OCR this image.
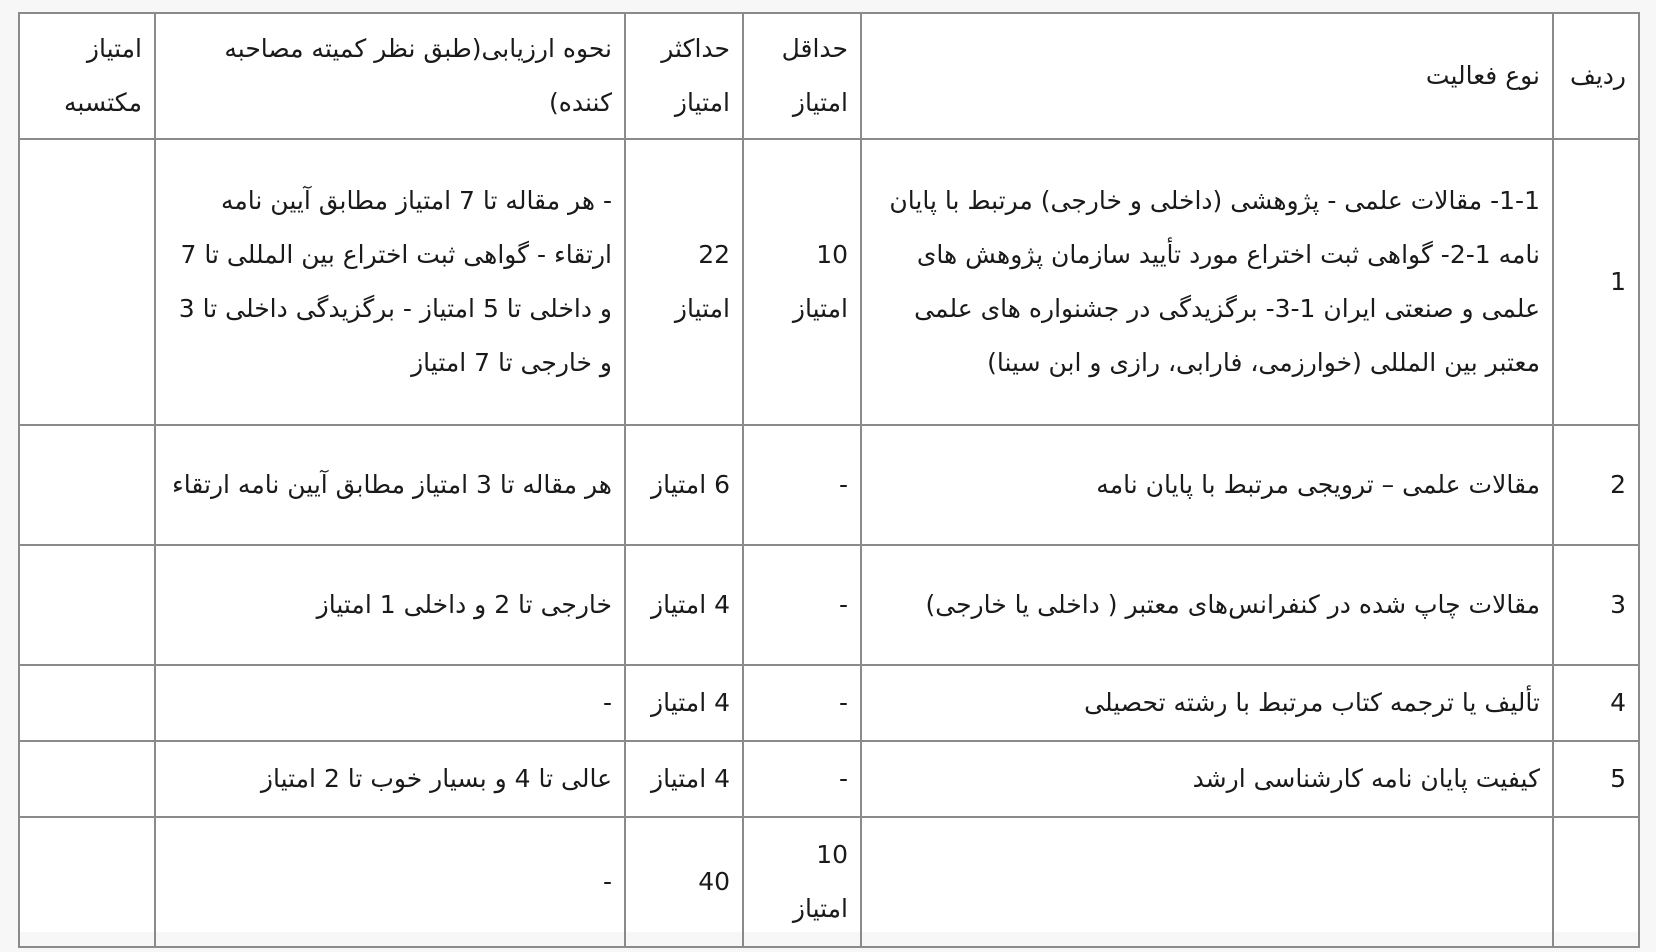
ردیف	نوع فعالیت	حداقل امتیاز	حداکثر امتیاز	نحوه ارزیابی(طبق نظر کمیته مصاحبه کننده)	امتیاز مکتسبه
1	1-1- مقالات علمی - پژوهشی (داخلی و خارجی) مرتبط با پایان نامه 1-2- گواهی ثبت اختراع مورد تأیید سازمان پژوهش های علمی و صنعتی ایران 1-3- برگزیدگی در جشنواره های علمی معتبر بین المللی (خوارزمی، فارابی، رازی و ابن سینا)	10 امتیاز	22 امتیاز	- هر مقاله تا 7 امتیاز مطابق آیین نامه ارتقاء - گواهی ثبت اختراع بین المللی تا 7 و داخلی تا 5 امتیاز - برگزیدگی داخلی تا 3 و خارجی تا 7 امتیاز	
2	مقالات علمی – ترویجی مرتبط با پایان نامه	-	6 امتیاز	هر مقاله تا 3 امتیاز مطابق آیین نامه ارتقاء	
3	مقالات چاپ شده در کنفرانس‌های معتبر ( داخلی یا خارجی)	-	4 امتیاز	خارجی تا 2 و داخلی 1 امتیاز	
4	تألیف یا ترجمه کتاب مرتبط با رشته تحصیلی	-	4 امتیاز	-	
5	کیفیت پایان نامه کارشناسی ارشد	-	4 امتیاز	عالی تا 4 و بسیار خوب تا 2 امتیاز	
		10 امتیاز	40	-	
